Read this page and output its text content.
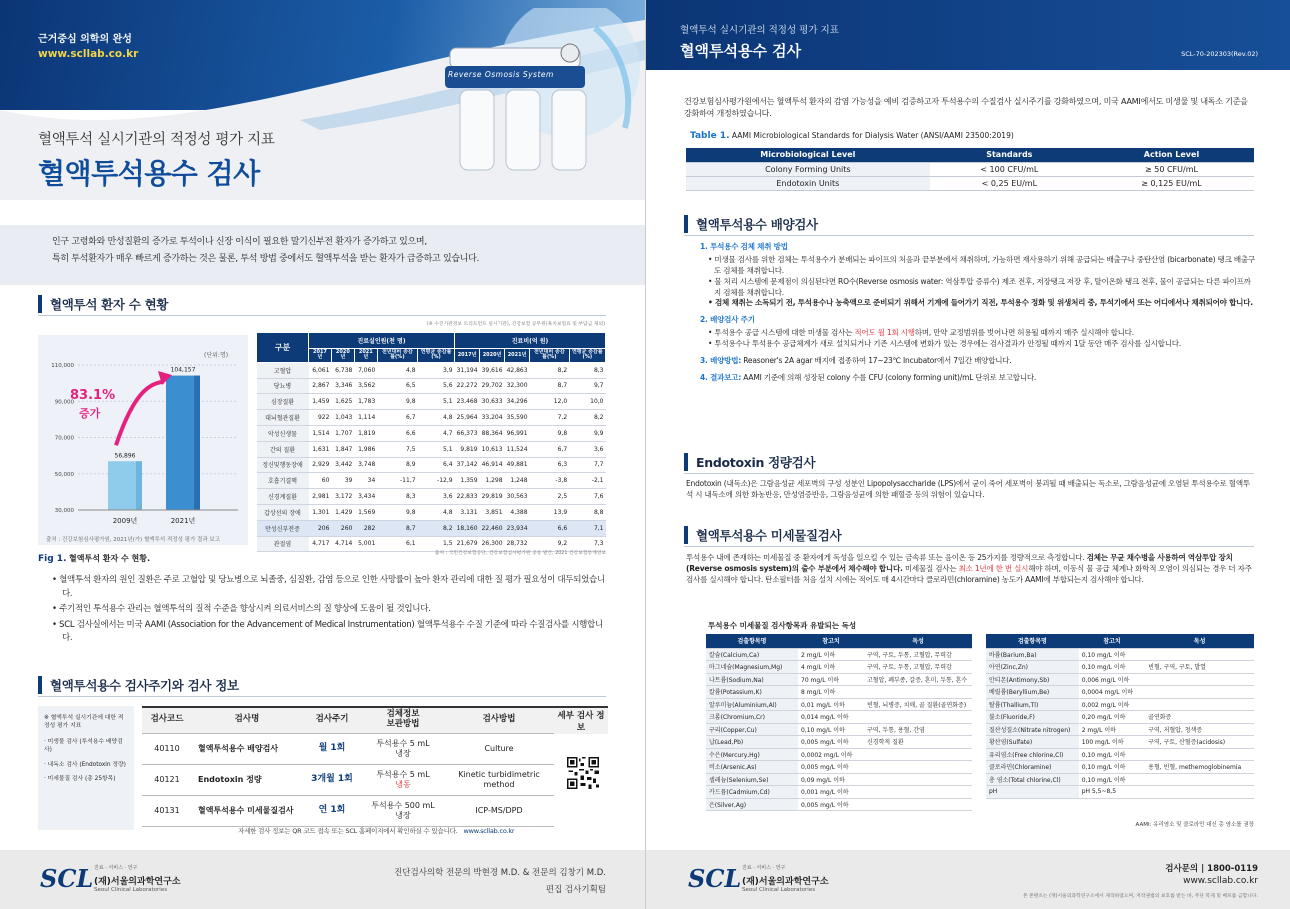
근거중심 의학의 완성
www.scllab.co.kr
Reverse Osmosis System
혈액투석 실시기관의 적정성 평가 지표
혈액투석용수 검사
인구 고령화와 만성질환의 증가로 투석이나 신장 이식이 필요한 말기신부전 환자가 증가하고 있으며,
특히 투석환자가 매우 빠르게 증가하는 것은 물론, 투석 방법 중에서도 혈액투석을 받는 환자가 급증하고 있습니다.
혈액투석 환자 수 현황
110,000
90,000
70,000
50,000
30,000
56,896
2009년
104,157
2021년
(단위:명)
83.1%
증가
출처 : 건강보험심사평가원, 2021년(가) 혈액투석 적정성 평가 결과 보고
(※ 수진기관정보 트리트먼트 실시기관), 건강보험 공무원(혹치보험료 및 부담금 제외)
구분	진료실인원(천 명)					진료비(억 원)				
	2017년	2020년	2021년	전년대비 증감률(%)	연평균 증감률(%)	2017년	2020년	2021년	전년대비 증감률(%)	연평균 증감률(%)
고혈압	6,061	6,738	7,060	4,8	3,9	31,194	39,616	42,863	8,2	8,3
당뇨병	2,867	3,346	3,562	6,5	5,6	22,272	29,702	32,300	8,7	9,7
심장질환	1,459	1,625	1,783	9,8	5,1	23,468	30,633	34,296	12,0	10,0
대뇌혈관질환	922	1,043	1,114	6,7	4,8	25,964	33,204	35,590	7,2	8,2
악성신생물	1,514	1,707	1,819	6,6	4,7	66,373	88,364	96,991	9,8	9,9
간의 질환	1,631	1,847	1,986	7,5	5,1	9,819	10,613	11,524	6,7	3,6
정신및행동장애	2,929	3,442	3,748	8,9	6,4	37,142	46,914	49,881	6,3	7,7
호흡기결핵	60	39	34	-11,7	-12,9	1,359	1,298	1,248	-3,8	-2,1
신경계질환	2,981	3,172	3,434	8,3	3,6	22,833	29,819	30,563	2,5	7,6
갑상선의 장애	1,301	1,429	1,569	9,8	4,8	3,131	3,851	4,388	13,9	8,8
만성신부전증	206	260	282	8,7	8,2	18,160	22,460	23,934	6,6	7,1
관절염	4,717	4,714	5,001	6,1	1,5	21,679	26,300	28,732	9,2	7,3
Fig 1. 혈액투석 환자 수 현황.
출처 : 국민건강보험공단, 건강보험심사평가원 공동 발간, 2021 건강보험통계연보
• 혈액투석 환자의 원인 질환은 주로 고혈압 및 당뇨병으로 뇌졸중, 심질환, 감염 등으로 인한 사망률이 높아 환자 관리에 대한 질 평가 필요성이 대두되었습니다.
• 주기적인 투석용수 관리는 혈액투석의 질적 수준을 향상시켜 의료서비스의 질 향상에 도움이 될 것입니다.
• SCL 검사실에서는 미국 AAMI (Association for the Advancement of Medical Instrumentation) 혈액투석용수 수질 기준에 따라 수질검사를 시행합니다.
혈액투석용수 검사주기와 검사 정보
※ 혈액투석 실시기관에 대한 적정성 평가 지표
· 미생물 검사 (투석용수 배양검사)
· 내독소 검사 (Endotoxin 정량)
· 미세물질 검사 (총 25항목)
검사코드	검사명	검사주기	검체정보
보관방법	검사방법
40110	혈액투석용수 배양검사	월 1회	투석용수 5 mL
냉장	Culture
40121	Endotoxin 정량	3개월 1회	투석용수 5 mL
냉동	Kinetic turbidimetric
method
40131	혈액투석용수 미세물질검사	연 1회	투석용수 500 mL
냉장	ICP-MS/DPD
세부 검사 정보
자세한 검사 정보는 QR 코드 접속 또는 SCL 홈페이지에서 확인하실 수 있습니다. www.scllab.co.kr
SCL 진료 · 서비스 · 연구
(재)서울의과학연구소
Seoul Clinical Laboratories
진단검사의학 전문의 박현경 M.D. & 전문의 김창기 M.D.
편집 검사기획팀
혈액투석 실시기관의 적정성 평가 지표
혈액투석용수 검사	SCL-70-202303(Rev.02)
건강보험심사평가원에서는 혈액투석 환자의 감염 가능성을 예비 검증하고자 투석용수의 수질검사 실시주기를 강화하였으며, 미국 AAMI에서도 미생물 및 내독소 기준을 강화하여 개정하였습니다.
Table 1. AAMI Microbiological Standards for Dialysis Water (ANSI/AAMI 23500:2019)
Microbiological Level	Standards	Action Level
Colony Forming Units	< 100 CFU/mL	≥ 50 CFU/mL
Endotoxin Units	< 0,25 EU/mL	≥ 0,125 EU/mL
혈액투석용수 배양검사
1. 투석용수 검체 채취 방법
• 미생물 검사를 위한 검체는 투석용수가 분배되는 파이프의 처음과 끝부분에서 채취하며, 가능하면 재사용하기 위해 공급되는 배출구나 중탄산염 (bicarbonate) 탱크 배출구도 검체를 채취합니다.
• 물 처리 시스템에 문제점이 의심된다면 RO수(Reverse osmosis water: 역삼투압 증류수) 제조 전후, 저장탱크 저장 후, 탈이온화 탱크 전후, 물이 공급되는 다른 파이프까지 검체를 채취합니다.
• 검체 채취는 소독되기 전, 투석용수나 농축액으로 준비되기 위해서 기계에 들어가기 직전, 투석용수 정화 및 위생처리 중, 투석기에서 또는 어디에서나 채취되어야 합니다.
2. 배양검사 주기
• 투석용수 공급 시스템에 대한 미생물 검사는 적어도 월 1회 시행하며, 만약 교정범위를 벗어나면 허용될 때까지 매주 실시해야 합니다.
• 투석용수나 투석용수 공급체계가 새로 설치되거나 기존 시스템에 변화가 있는 경우에는 검사결과가 안정될 때까지 1달 동안 매주 검사를 실시합니다.
3. 배양방법: Reasoner's 2A agar 배지에 접종하여 17~23℃ Incubator에서 7일간 배양합니다.
4. 결과보고: AAMI 기준에 의해 성장된 colony 수를 CFU (colony forming unit)/mL 단위로 보고합니다.
Endotoxin 정량검사
Endotoxin (내독소)은 그람음성균 세포벽의 구성 성분인 Lipopolysaccharide (LPS)에서 균이 죽어 세포벽이 붕괴될 때 배출되는 독소로, 그람음성균에 오염된 투석용수로 혈액투석 시 내독소에 의한 화농반응, 만성염증반응, 그람음성균에 의한 패혈증 등의 위험이 있습니다.
혈액투석용수 미세물질검사
투석용수 내에 존재하는 미세물질 중 환자에게 독성을 일으킬 수 있는 금속류 또는 음이온 등 25가지를 정량적으로 측정합니다. 검체는 무균 채수병을 사용하여 역삼투압 장치(Reverse osmosis system)의 출수 부분에서 채수해야 합니다. 미세물질 검사는 최소 1년에 한 번 실시해야 하며, 이동식 물 공급 체계나 화학적 오염이 의심되는 경우 더 자주 검사를 실시해야 합니다. 탄소필터를 처음 설치 시에는 적어도 매 4시간마다 클로라민(chloramine) 농도가 AAMI에 부합되는지 검사해야 합니다.
투석용수 미세물질 검사항목과 유발되는 독성
검출항목명	참고치	독성
칼슘(Calcium,Ca)	2 mg/L 이하	구역, 구토, 두통, 고혈압, 무력감
마그네슘(Magnesium,Mg)	4 mg/L 이하	구역, 구토, 두통, 고혈압, 무력감
나트륨(Sodium,Na)	70 mg/L 이하	고혈압, 폐부종, 갈증, 혼미, 두통, 혼수
칼륨(Potassium,K)	8 mg/L 이하	
알루미늄(Aluminium,Al)	0,01 mg/L 이하	빈혈, 뇌병증, 치매, 골 질환(골연화증)
크롬(Chromium,Cr)	0,014 mg/L 이하	
구리(Copper,Cu)	0,10 mg/L 이하	구역, 두통, 용혈, 간염
납(Lead,Pb)	0,005 mg/L 이하	신경학적 질환
수은(Mercury,Hg)	0,0002 mg/L 이하	
비소(Arsenic,As)	0,005 mg/L 이하	
셀레늄(Selenium,Se)	0,09 mg/L 이하	
카드뮴(Cadmium,Cd)	0,001 mg/L 이하	
은(Silver,Ag)	0,005 mg/L 이하	
검출항목명	참고치	독성
바륨(Barium,Ba)	0,10 mg/L 이하	
아연(Zinc,Zn)	0,10 mg/L 이하	빈혈, 구역, 구토, 발열
안티몬(Antimony,Sb)	0,006 mg/L 이하	
베릴륨(Beryllium,Be)	0,0004 mg/L 이하	
탈륨(Thallium,Tl)	0,002 mg/L 이하	
불소(Fluoride,F)	0,20 mg/L 이하	골연화증
질산성질소(Nitrate nitrogen)	2 mg/L 이하	구역, 저혈압, 청색증
황산염(Sulfate)	100 mg/L 이하	구역, 구토, 산혈증(acidosis)
유리염소(Free chlorine,Cl)	0,10 mg/L 이하	
클로라민(Chloramine)	0,10 mg/L 이하	용혈, 빈혈, methemoglobinemia
총 염소(Total chlorine,Cl)	0,10 mg/L 이하	
pH	pH 5,5~8,5	
AAMI: 유리염소 및 클로라민 대신 총 염소를 권장
SCL 진료 · 서비스 · 연구
(재)서울의과학연구소
Seoul Clinical Laboratories
검사문의 | 1800-0119
www.scllab.co.kr
본 콘텐츠는 (재)서울의과학연구소에서 제작하였으며, 저작권법의 보호를 받는 바, 무단 복제 및 배포를 금합니다.
